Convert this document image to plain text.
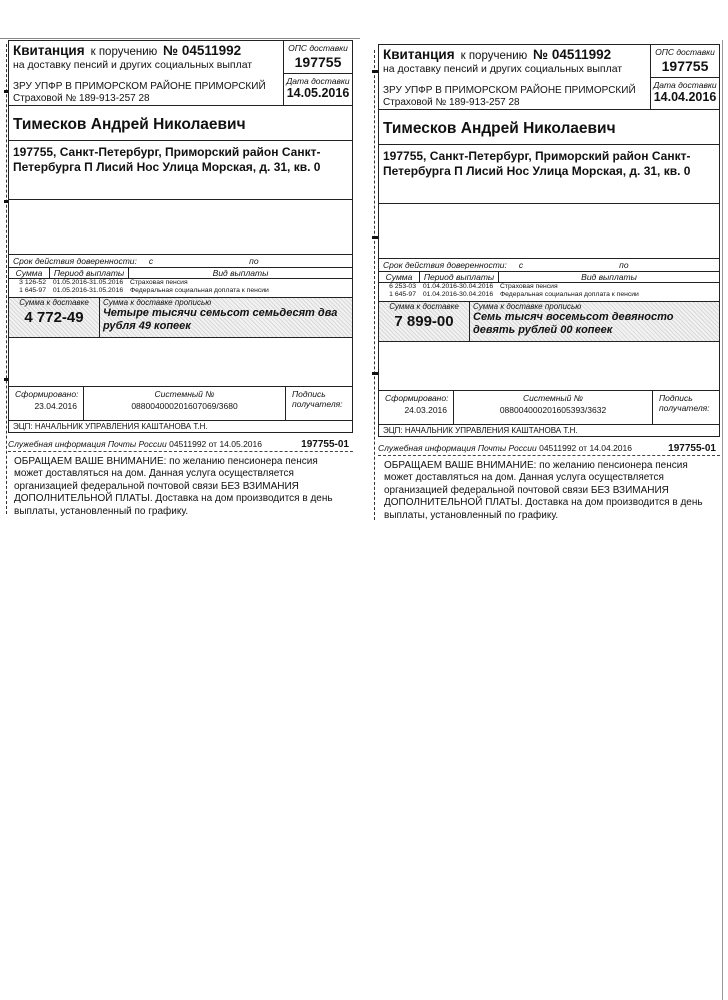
Квитанция к поручению № 04511992
на доставку пенсий и других социальных выплат
ЗРУ УПФР В ПРИМОРСКОМ РАЙОНЕ ПРИМОРСКИЙ
Страховой № 189-913-257 28
ОПС доставки
197755
Дата доставки
14.05.2016
Тимесков Андрей Николаевич
197755, Санкт-Петербург, Приморский район Санкт-Петербурга П Лисий Нос Улица Морская, д. 31, кв. 0
Срок действия доверенности: с	по
Сумма	Период выплаты	Вид выплаты
3 126-52	01.05.2016-31.05.2016	Страховая пенсия
1 645-97	01.05.2016-31.05.2016	Федеральная социальная доплата к пенсии
Сумма к доставке
4 772-49
Сумма к доставке прописью
Четыре тысячи семьсот семьдесят два рубля 49 копеек
Сформировано:
23.04.2016
Системный №
088004000201607069/3680
Подпись получателя:
ЭЦП: НАЧАЛЬНИК УПРАВЛЕНИЯ КАШТАНОВА Т.Н.
Служебная информация Почты России 04511992 от 14.05.2016	197755-01
ОБРАЩАЕМ ВАШЕ ВНИМАНИЕ: по желанию пенсионера пенсия может доставляться на дом. Данная услуга осуществляется организацией федеральной почтовой связи БЕЗ ВЗИМАНИЯ ДОПОЛНИТЕЛЬНОЙ ПЛАТЫ. Доставка на дом производится в день выплаты, установленный по графику.
Квитанция к поручению № 04511992
на доставку пенсий и других социальных выплат
ЗРУ УПФР В ПРИМОРСКОМ РАЙОНЕ ПРИМОРСКИЙ
Страховой № 189-913-257 28
ОПС доставки
197755
Дата доставки
14.04.2016
Тимесков Андрей Николаевич
197755, Санкт-Петербург, Приморский район Санкт-Петербурга П Лисий Нос Улица Морская, д. 31, кв. 0
Срок действия доверенности: с	по
Сумма	Период выплаты	Вид выплаты
6 253-03	01.04.2016-30.04.2016	Страховая пенсия
1 645-97	01.04.2016-30.04.2016	Федеральная социальная доплата к пенсии
Сумма к доставке
7 899-00
Сумма к доставке прописью
Семь тысяч восемьсот девяносто девять рублей 00 копеек
Сформировано:
24.03.2016
Системный №
088004000201605393/3632
Подпись получателя:
ЭЦП: НАЧАЛЬНИК УПРАВЛЕНИЯ КАШТАНОВА Т.Н.
Служебная информация Почты России 04511992 от 14.04.2016	197755-01
ОБРАЩАЕМ ВАШЕ ВНИМАНИЕ: по желанию пенсионера пенсия может доставляться на дом. Данная услуга осуществляется организацией федеральной почтовой связи БЕЗ ВЗИМАНИЯ ДОПОЛНИТЕЛЬНОЙ ПЛАТЫ. Доставка на дом производится в день выплаты, установленный по графику.
